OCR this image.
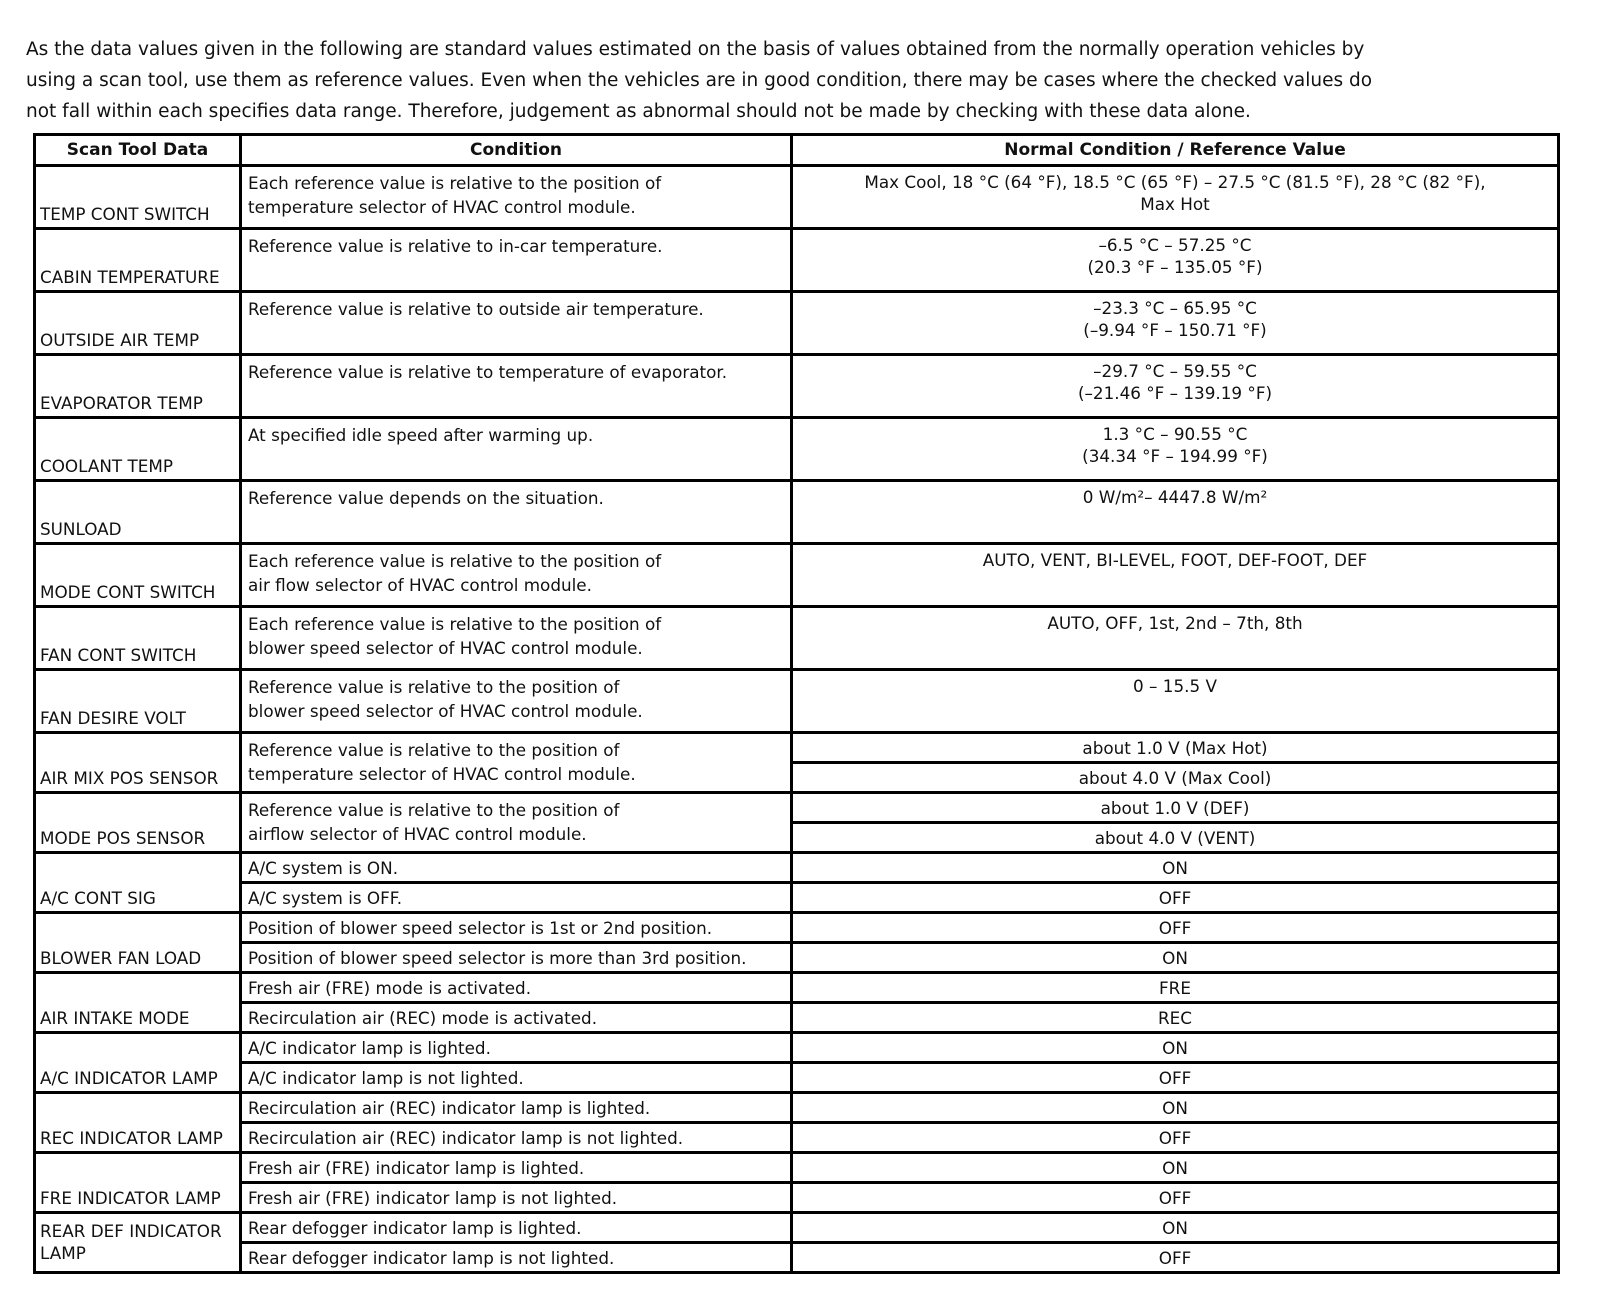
As the data values given in the following are standard values estimated on the basis of values obtained from the normally operation vehicles by
using a scan tool, use them as reference values. Even when the vehicles are in good condition, there may be cases where the checked values do
not fall within each specifies data range. Therefore, judgement as abnormal should not be made by checking with these data alone.
Scan Tool Data	Condition	Normal Condition / Reference Value
TEMP CONT SWITCH	Each reference value is relative to the position of
temperature selector of HVAC control module.	Max Cool, 18 °C (64 °F), 18.5 °C (65 °F) – 27.5 °C (81.5 °F), 28 °C (82 °F),
Max Hot

CABIN TEMPERATURE	Reference value is relative to in-car temperature.	–6.5 °C – 57.25 °C
(20.3 °F – 135.05 °F)

OUTSIDE AIR TEMP	Reference value is relative to outside air temperature.	–23.3 °C – 65.95 °C
(–9.94 °F – 150.71 °F)

EVAPORATOR TEMP	Reference value is relative to temperature of evaporator.	–29.7 °C – 59.55 °C
(–21.46 °F – 139.19 °F)

COOLANT TEMP	At specified idle speed after warming up.	1.3 °C – 90.55 °C
(34.34 °F – 194.99 °F)

SUNLOAD	Reference value depends on the situation.	0 W/m²– 4447.8 W/m²

MODE CONT SWITCH	Each reference value is relative to the position of
air flow selector of HVAC control module.	AUTO, VENT, BI-LEVEL, FOOT, DEF-FOOT, DEF

FAN CONT SWITCH	Each reference value is relative to the position of
blower speed selector of HVAC control module.	AUTO, OFF, 1st, 2nd – 7th, 8th

FAN DESIRE VOLT	Reference value is relative to the position of
blower speed selector of HVAC control module.	0 – 15.5 V

AIR MIX POS SENSOR	Reference value is relative to the position of
temperature selector of HVAC control module.	about 1.0 V (Max Hot)
		about 4.0 V (Max Cool)
MODE POS SENSOR	Reference value is relative to the position of
airflow selector of HVAC control module.	about 1.0 V (DEF)
		about 4.0 V (VENT)
A/C CONT SIG	A/C system is ON.	ON
	A/C system is OFF.	OFF
BLOWER FAN LOAD	Position of blower speed selector is 1st or 2nd position.	OFF
	Position of blower speed selector is more than 3rd position.	ON
AIR INTAKE MODE	Fresh air (FRE) mode is activated.	FRE
	Recirculation air (REC) mode is activated.	REC
A/C INDICATOR LAMP	A/C indicator lamp is lighted.	ON
	A/C indicator lamp is not lighted.	OFF
REC INDICATOR LAMP	Recirculation air (REC) indicator lamp is lighted.	ON
	Recirculation air (REC) indicator lamp is not lighted.	OFF
FRE INDICATOR LAMP	Fresh air (FRE) indicator lamp is lighted.	ON
	Fresh air (FRE) indicator lamp is not lighted.	OFF
REAR DEF INDICATOR LAMP	Rear defogger indicator lamp is lighted.	ON
	Rear defogger indicator lamp is not lighted.	OFF
